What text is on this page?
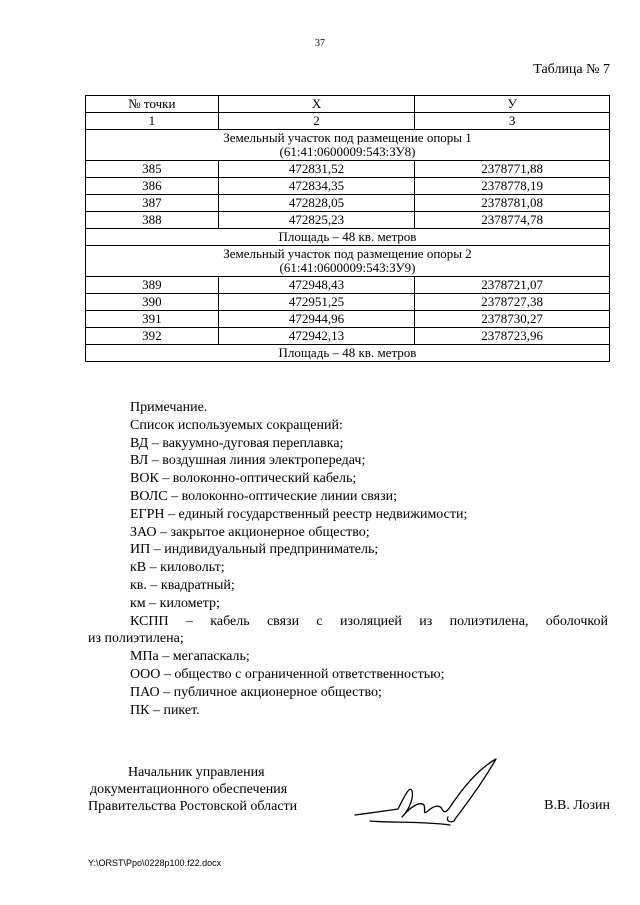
37
Таблица № 7
№ точки	X	У
1	2	3

Земельный участок под размещение опоры 1
(61:41:0600009:543:ЗУ8)		

385	472831,52	2378771,88
386	472834,35	2378778,19
387	472828,05	2378781,08
388	472825,23	2378774,78
Площадь – 48 кв. метров		

Земельный участок под размещение опоры 2
(61:41:0600009:543:ЗУ9)		

389	472948,43	2378721,07
390	472951,25	2378727,38
391	472944,96	2378730,27
392	472942,13	2378723,96
Площадь – 48 кв. метров		

Примечание.

Список используемых сокращений:

ВД – вакуумно-дуговая переплавка;

ВЛ – воздушная линия электропередач;

ВОК – волоконно-оптический кабель;

ВОЛС – волоконно-оптические линии связи;

ЕГРН – единый государственный реестр недвижимости;

ЗАО – закрытое акционерное общество;

ИП – индивидуальный предприниматель;

кВ – киловольт;

кв. – квадратный;

км – километр;

КСПП – кабель связи с изоляцией из полиэтилена, оболочкой

из полиэтилена;

МПа – мегапаскаль;

ООО – общество с ограниченной ответственностью;

ПАО – публичное акционерное общество;

ПК – пикет.

Начальник управления

документационного обеспечения

Правительства Ростовской области	В.В. Лозин
Y:\ORST\Ppo\0228p100.f22.docx
